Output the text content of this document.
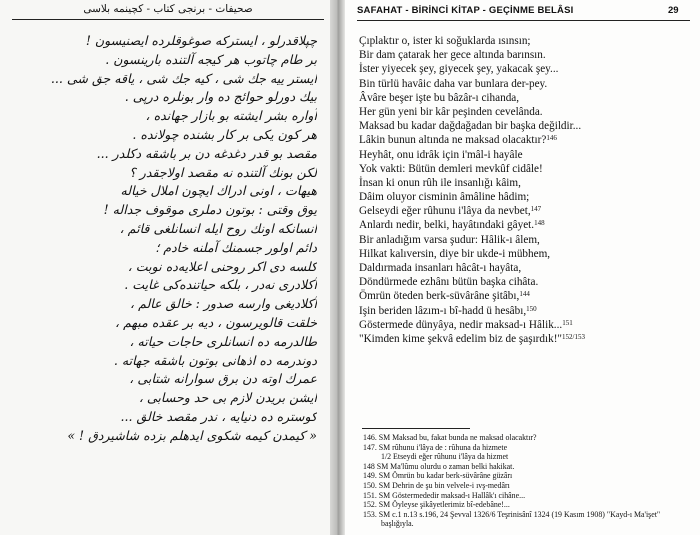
صحيفات - برنجى كتاب - كچينمه بلاسى
چپلاقدرلو ، ايستركه صوغوقلرده ايصنيسون !
بر طام چاتوب هر كيجه آلتنده بارينسون .
ايستر ييه جك شى ، كيه جك شى ، ياقه جق شى ...
بيك دورلو حوائج ده وار بونلره درپى .
آواره بشر ايشته بو بازار جهانده ،
هر كون يكى بر كار بشنده چولانده .
مقصد بو قدر دغدغه دن بر باشقه دكلدر ...
لكن بونك آلتنده نه مقصد اولاجقدر ؟
هيهات ، اونى ادراك ايچون املال خياله
يوق وقتى : بوتون دملرى موقوف جداله !
انسانكه اونك روح ايله انسانلغى قائم ،
دائم اولور جسمنك آملنه خادم ؛
كلسه دى اكر روحنى اعلايه‌ده نوبت ،
آكلادرى نه‌در ، بلكه حياتنده‌كى غايت .
آكلاديغى وارسه صدور : خالق عالم ،
خلقت قالويرسون ، ديه بر عقده مبهم ،
طالدرمه ده انسانلرى حاجات حياته ،
دوندرمه ده اذهانى بوتون باشقه جهاته .
عمرك اوته دن برق سوارانه شتابى ،
ايشن بريدن لازم بى حد وحسابى ،
كوستره ده دنيايه ، ندر مقصد خالق ...
« كيمدن كيمه شكوى ايدهلم بزده شاشيردق ! »
SAFAHAT - BİRİNCİ KİTAP - GEÇİNME BELÂSI	29
Çıplaktır o, ister ki soğuklarda ısınsın;
Bir dam çatarak her gece altında barınsın.
İster yiyecek şey, giyecek şey, yakacak şey...
Bin türlü havâic daha var bunlara der-pey.
Âvâre beşer işte bu bâzâr-ı cihanda,
Her gün yeni bir kâr peşinden cevelânda.
Maksad bu kadar dağdağadan bir başka değildir...
Lâkin bunun altında ne maksad olacaktır?$^{146}$
Heyhât, onu idrâk için i'mâl-i hayâle
Yok vakti: Bütün demleri mevkûf cidâle!
İnsan ki onun rûh ile insanlığı kâim,
Dâim oluyor cisminin âmâline hâdim;
Gelseydi eğer rûhunu i'lâya da nevbet,$^{147}$
Anlardı nedir, belki, hayâtındaki gâyet.$^{148}$
Bir anladığım varsa şudur: Hâlik-ı âlem,
Hilkat kalıversin, diye bir ukde-i mübhem,
Daldırmada insanları hâcât-ı hayâta,
Döndürmede ezhânı bütün başka cihâta.
Ömrün öteden berk-süvârâne şitâbı,$^{144}$
Işin beriden lâzım-ı bî-hadd ü hesâbı,$^{150}$
Göstermede dünyâya, nedir maksad-ı Hâlik...$^{151}$
"Kimden kime şekvâ edelim biz de şaşırdık!"$^{152/153}$
146. SM Maksad bu, fakat bunda ne maksad olacaktır?
147. SM rûhunu i'lâya de : rûhuna da hizmete
1/2 Etseydi eğer rûhunu i'lâya da hizmet
148 SM Ma'lûmu olurdu o zaman belki hakikat.
149. SM Ömrün bu kadar berk-süvârâne güzârı
150. SM Dehrin de şu bin velvele-i ıvş-medârı
151. SM Göstermededir maksad-ı Hallâk'ı cihâne...
152. SM Öyleyse şikâyetlerimiz bî-edebâne!...
153. SM c.1 n.13 s.196, 24 Şevval 1326/6 Teşrinisânî 1324 (19 Kasım 1908) "Kayd-ı Ma'işet"
başlığıyla.
